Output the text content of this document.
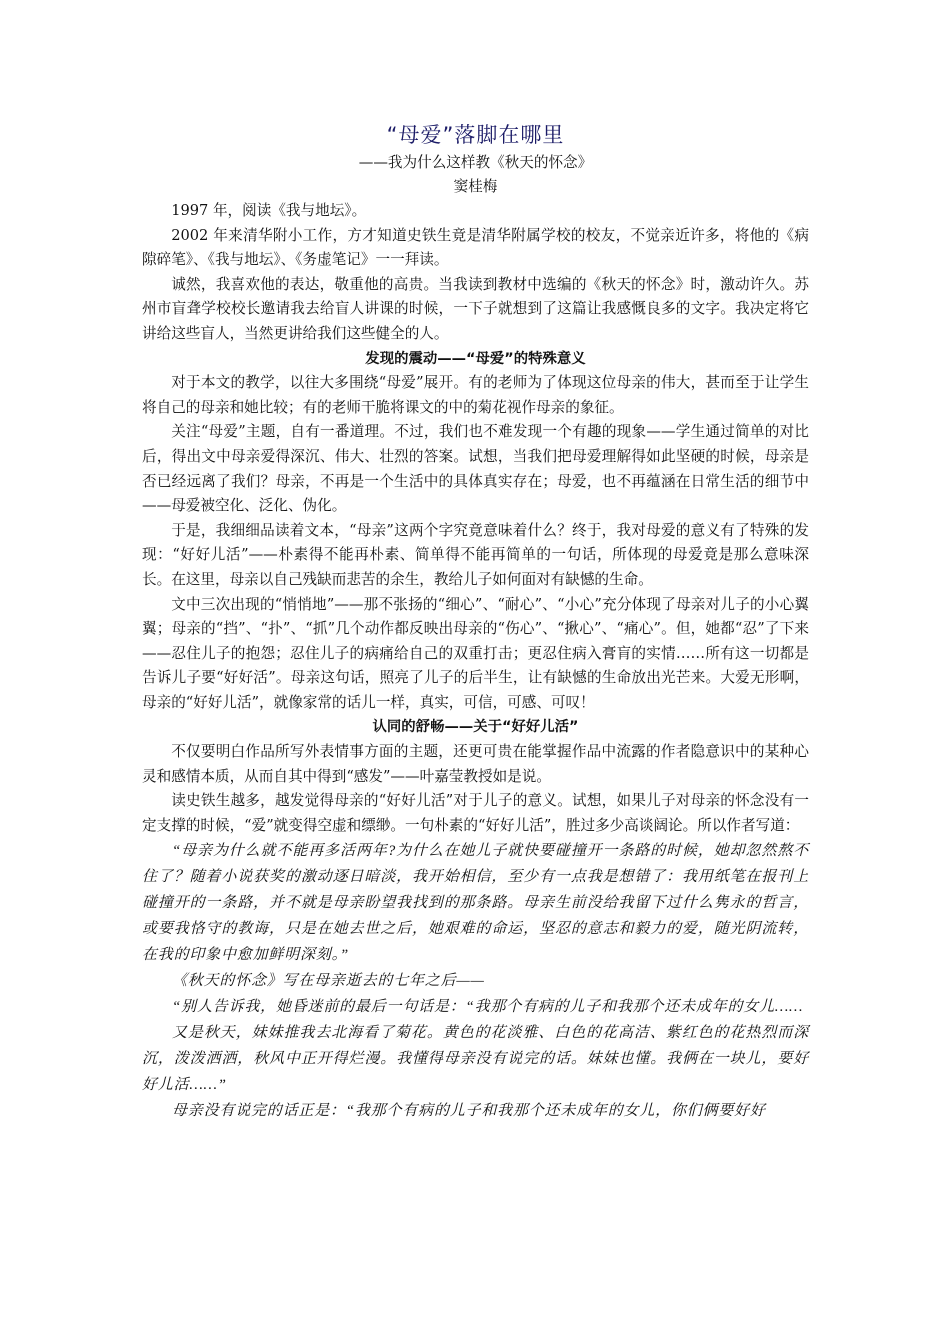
“母爱”落脚在哪里
——我为什么这样教《秋天的怀念》
窦桂梅

1997 年，阅读《我与地坛》。

2002 年来清华附小工作，方才知道史铁生竟是清华附属学校的校友，不觉亲近许多，将他的《病隙碎笔》、《我与地坛》、《务虚笔记》一一拜读。

诚然，我喜欢他的表达，敬重他的高贵。当我读到教材中选编的《秋天的怀念》时，激动许久。苏州市盲聋学校校长邀请我去给盲人讲课的时候，一下子就想到了这篇让我感慨良多的文字。我决定将它讲给这些盲人，当然更讲给我们这些健全的人。

发现的震动——“母爱”的特殊意义

对于本文的教学，以往大多围绕“母爱”展开。有的老师为了体现这位母亲的伟大，甚而至于让学生将自己的母亲和她比较；有的老师干脆将课文的中的菊花视作母亲的象征。

关注“母爱”主题，自有一番道理。不过，我们也不难发现一个有趣的现象——学生通过简单的对比后，得出文中母亲爱得深沉、伟大、壮烈的答案。试想，当我们把母爱理解得如此坚硬的时候，母亲是否已经远离了我们？母亲，不再是一个生活中的具体真实存在；母爱，也不再蕴涵在日常生活的细节中——母爱被空化、泛化、伪化。

于是，我细细品读着文本，“母亲”这两个字究竟意味着什么？终于，我对母爱的意义有了特殊的发现：“好好儿活”——朴素得不能再朴素、简单得不能再简单的一句话，所体现的母爱竟是那么意味深长。在这里，母亲以自己残缺而悲苦的余生，教给儿子如何面对有缺憾的生命。

文中三次出现的“悄悄地”——那不张扬的“细心”、“耐心”、“小心”充分体现了母亲对儿子的小心翼翼；母亲的“挡”、“扑”、“抓”几个动作都反映出母亲的“伤心”、“揪心”、“痛心”。但，她都“忍”了下来——忍住儿子的抱怨；忍住儿子的病痛给自己的双重打击；更忍住病入膏肓的实情……所有这一切都是告诉儿子要“好好活”。母亲这句话，照亮了儿子的后半生，让有缺憾的生命放出光芒来。大爱无形啊，母亲的“好好儿活”，就像家常的话儿一样，真实，可信，可感、可叹！

认同的舒畅——关于“好好儿活”

不仅要明白作品所写外表情事方面的主题，还更可贵在能掌握作品中流露的作者隐意识中的某种心灵和感情本质，从而自其中得到“感发”——叶嘉莹教授如是说。

读史铁生越多，越发觉得母亲的“好好儿活”对于儿子的意义。试想，如果儿子对母亲的怀念没有一定支撑的时候，“爱”就变得空虚和缥缈。一句朴素的“好好儿活”，胜过多少高谈阔论。所以作者写道：

“母亲为什么就不能再多活两年?为什么在她儿子就快要碰撞开一条路的时候，她却忽然熬不住了？随着小说获奖的激动逐日暗淡，我开始相信，至少有一点我是想错了：我用纸笔在报刊上碰撞开的一条路，并不就是母亲盼望我找到的那条路。母亲生前没给我留下过什么隽永的哲言，或要我恪守的教诲，只是在她去世之后，她艰难的命运，坚忍的意志和毅力的爱，随光阴流转，在我的印象中愈加鲜明深刻。”

《秋天的怀念》写在母亲逝去的七年之后——

“别人告诉我，她昏迷前的最后一句话是：“我那个有病的儿子和我那个还未成年的女儿……

又是秋天，妹妹推我去北海看了菊花。黄色的花淡雅、白色的花高洁、紫红色的花热烈而深沉，泼泼洒洒，秋风中正开得烂漫。我懂得母亲没有说完的话。妹妹也懂。我俩在一块儿，要好好儿活……”

母亲没有说完的话正是：“我那个有病的儿子和我那个还未成年的女儿，你们俩要好好
